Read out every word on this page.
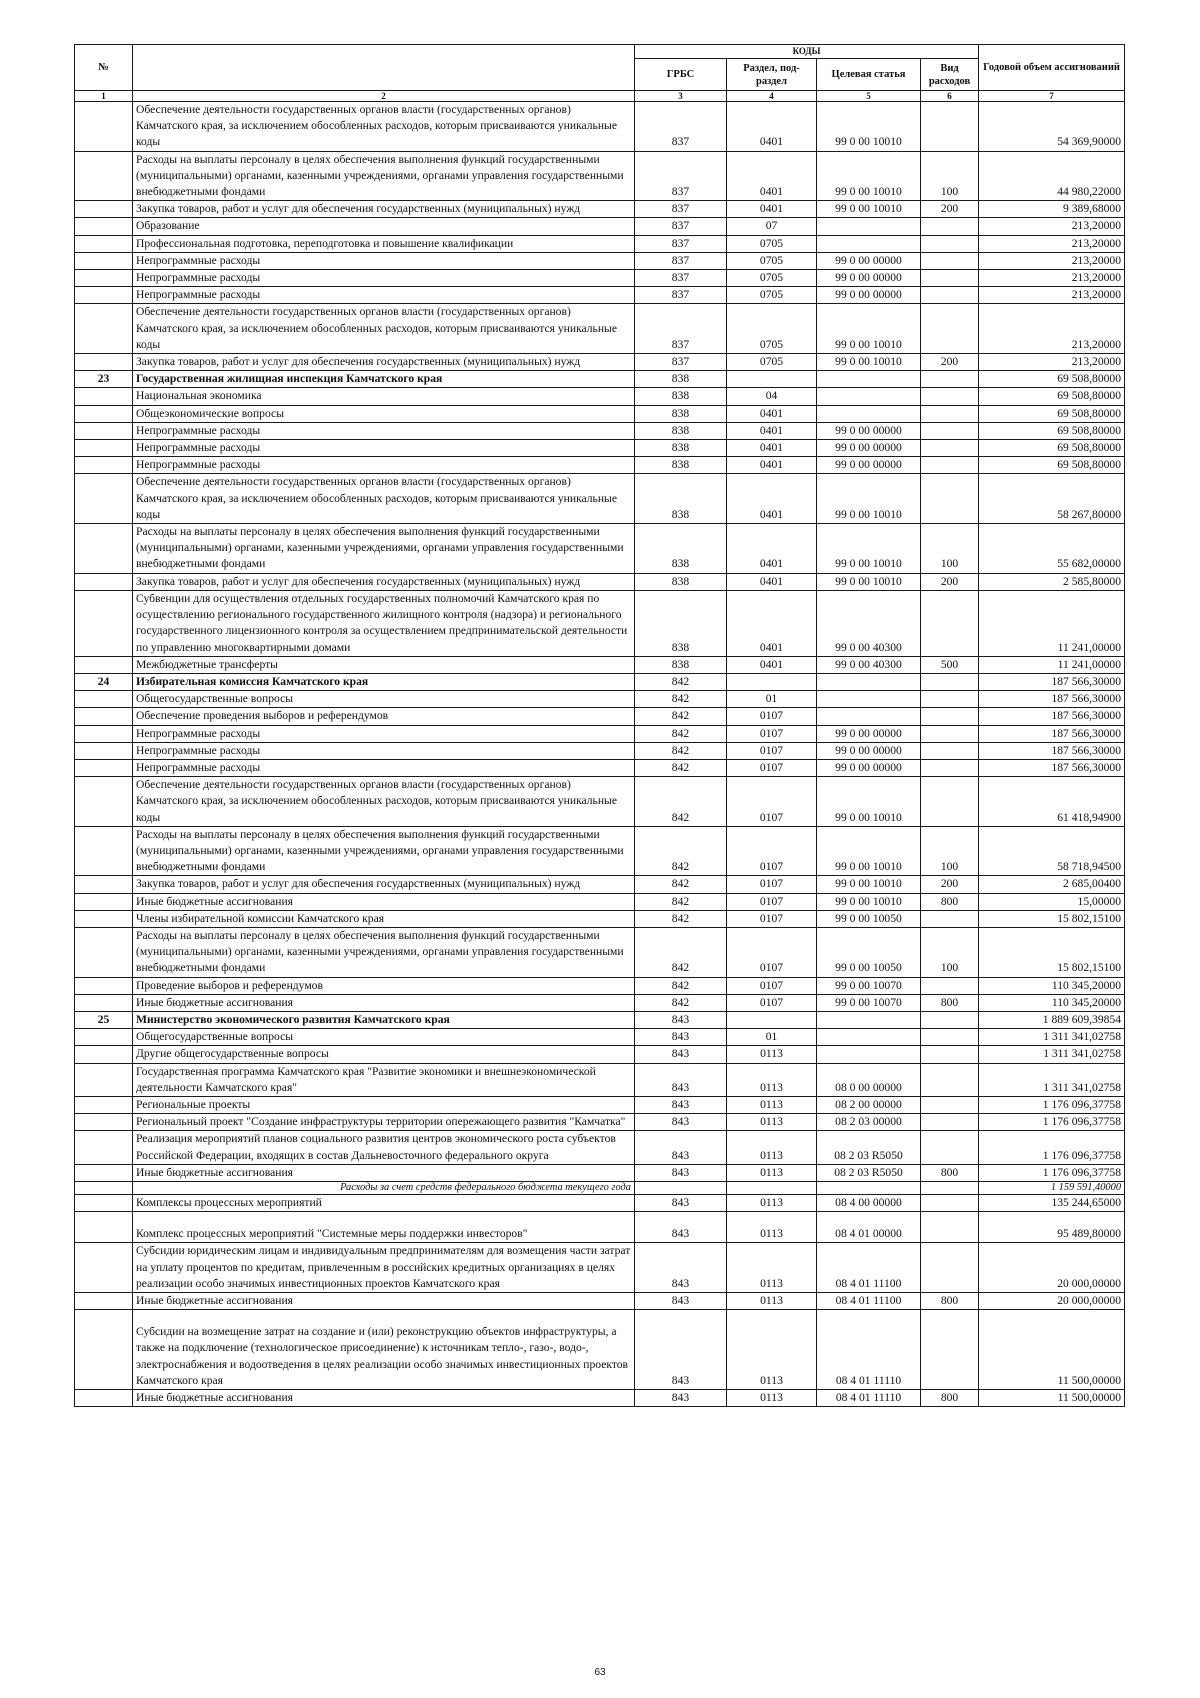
№		КОДЫ				Годовой объем ассигнований
		ГРБС	Раздел, под-раздел	Целевая статья	Вид расходов	
1	2	3	4	5	6	7
	Обеспечение деятельности государственных органов власти (государственных органов) Камчатского края, за исключением обособленных расходов, которым присваиваются уникальные коды	837	0401	99 0 00 10010		54 369,90000
	Расходы на выплаты персоналу в целях обеспечения выполнения функций государственными (муниципальными) органами, казенными учреждениями, органами управления государственными внебюджетными фондами	837	0401	99 0 00 10010	100	44 980,22000
	Закупка товаров, работ и услуг для обеспечения государственных (муниципальных) нужд	837	0401	99 0 00 10010	200	9 389,68000
	Образование	837	07			213,20000
	Профессиональная подготовка, переподготовка и повышение квалификации	837	0705			213,20000
	Непрограммные расходы	837	0705	99 0 00 00000		213,20000
	Непрограммные расходы	837	0705	99 0 00 00000		213,20000
	Непрограммные расходы	837	0705	99 0 00 00000		213,20000
	Обеспечение деятельности государственных органов власти (государственных органов) Камчатского края, за исключением обособленных расходов, которым присваиваются уникальные коды	837	0705	99 0 00 10010		213,20000
	Закупка товаров, работ и услуг для обеспечения государственных (муниципальных) нужд	837	0705	99 0 00 10010	200	213,20000
23	Государственная жилищная инспекция Камчатского края	838				69 508,80000
	Национальная экономика	838	04			69 508,80000
	Общеэкономические вопросы	838	0401			69 508,80000
	Непрограммные расходы	838	0401	99 0 00 00000		69 508,80000
	Непрограммные расходы	838	0401	99 0 00 00000		69 508,80000
	Непрограммные расходы	838	0401	99 0 00 00000		69 508,80000
	Обеспечение деятельности государственных органов власти (государственных органов) Камчатского края, за исключением обособленных расходов, которым присваиваются уникальные коды	838	0401	99 0 00 10010		58 267,80000
	Расходы на выплаты персоналу в целях обеспечения выполнения функций государственными (муниципальными) органами, казенными учреждениями, органами управления государственными внебюджетными фондами	838	0401	99 0 00 10010	100	55 682,00000
	Закупка товаров, работ и услуг для обеспечения государственных (муниципальных) нужд	838	0401	99 0 00 10010	200	2 585,80000
	Субвенции для осуществления отдельных государственных полномочий Камчатского края по осуществлению регионального государственного жилищного контроля (надзора) и регионального государственного лицензионного контроля за осуществлением предпринимательской деятельности по управлению многоквартирными домами	838	0401	99 0 00 40300		11 241,00000
	Межбюджетные трансферты	838	0401	99 0 00 40300	500	11 241,00000
24	Избирательная комиссия Камчатского края	842				187 566,30000
	Общегосударственные вопросы	842	01			187 566,30000
	Обеспечение проведения выборов и референдумов	842	0107			187 566,30000
	Непрограммные расходы	842	0107	99 0 00 00000		187 566,30000
	Непрограммные расходы	842	0107	99 0 00 00000		187 566,30000
	Непрограммные расходы	842	0107	99 0 00 00000		187 566,30000
	Обеспечение деятельности государственных органов власти (государственных органов) Камчатского края, за исключением обособленных расходов, которым присваиваются уникальные коды	842	0107	99 0 00 10010		61 418,94900
	Расходы на выплаты персоналу в целях обеспечения выполнения функций государственными (муниципальными) органами, казенными учреждениями, органами управления государственными внебюджетными фондами	842	0107	99 0 00 10010	100	58 718,94500
	Закупка товаров, работ и услуг для обеспечения государственных (муниципальных) нужд	842	0107	99 0 00 10010	200	2 685,00400
	Иные бюджетные ассигнования	842	0107	99 0 00 10010	800	15,00000
	Члены избирательной комиссии Камчатского края	842	0107	99 0 00 10050		15 802,15100
	Расходы на выплаты персоналу в целях обеспечения выполнения функций государственными (муниципальными) органами, казенными учреждениями, органами управления государственными внебюджетными фондами	842	0107	99 0 00 10050	100	15 802,15100
	Проведение выборов и референдумов	842	0107	99 0 00 10070		110 345,20000
	Иные бюджетные ассигнования	842	0107	99 0 00 10070	800	110 345,20000
25	Министерство экономического развития Камчатского края	843				1 889 609,39854
	Общегосударственные вопросы	843	01			1 311 341,02758
	Другие общегосударственные вопросы	843	0113			1 311 341,02758
	Государственная программа Камчатского края "Развитие экономики и внешнеэкономической деятельности Камчатского края"	843	0113	08 0 00 00000		1 311 341,02758
	Региональные проекты	843	0113	08 2 00 00000		1 176 096,37758
	Региональный проект "Создание инфраструктуры территории опережающего развития "Камчатка"	843	0113	08 2 03 00000		1 176 096,37758
	Реализация мероприятий планов социального развития центров экономического роста субъектов Российской Федерации, входящих в состав Дальневосточного федерального округа	843	0113	08 2 03 R5050		1 176 096,37758
	Иные бюджетные ассигнования	843	0113	08 2 03 R5050	800	1 176 096,37758
	Расходы за счет средств федерального бюджета текущего года					1 159 591,40000
	Комплексы процессных мероприятий	843	0113	08 4 00 00000		135 244,65000
	Комплекс процессных мероприятий "Системные меры поддержки инвесторов"	843	0113	08 4 01 00000		95 489,80000
	Субсидии юридическим лицам и индивидуальным предпринимателям для возмещения части затрат на уплату процентов по кредитам, привлеченным в российских кредитных организациях в целях реализации особо значимых инвестиционных проектов Камчатского края	843	0113	08 4 01 11100		20 000,00000
	Иные бюджетные ассигнования	843	0113	08 4 01 11100	800	20 000,00000
	Субсидии на возмещение затрат на создание и (или) реконструкцию объектов инфраструктуры, а также на подключение (технологическое присоединение) к источникам тепло-, газо-, водо-, электроснабжения и водоотведения в целях реализации особо значимых инвестиционных проектов Камчатского края	843	0113	08 4 01 11110		11 500,00000
	Иные бюджетные ассигнования	843	0113	08 4 01 11110	800	11 500,00000
63
